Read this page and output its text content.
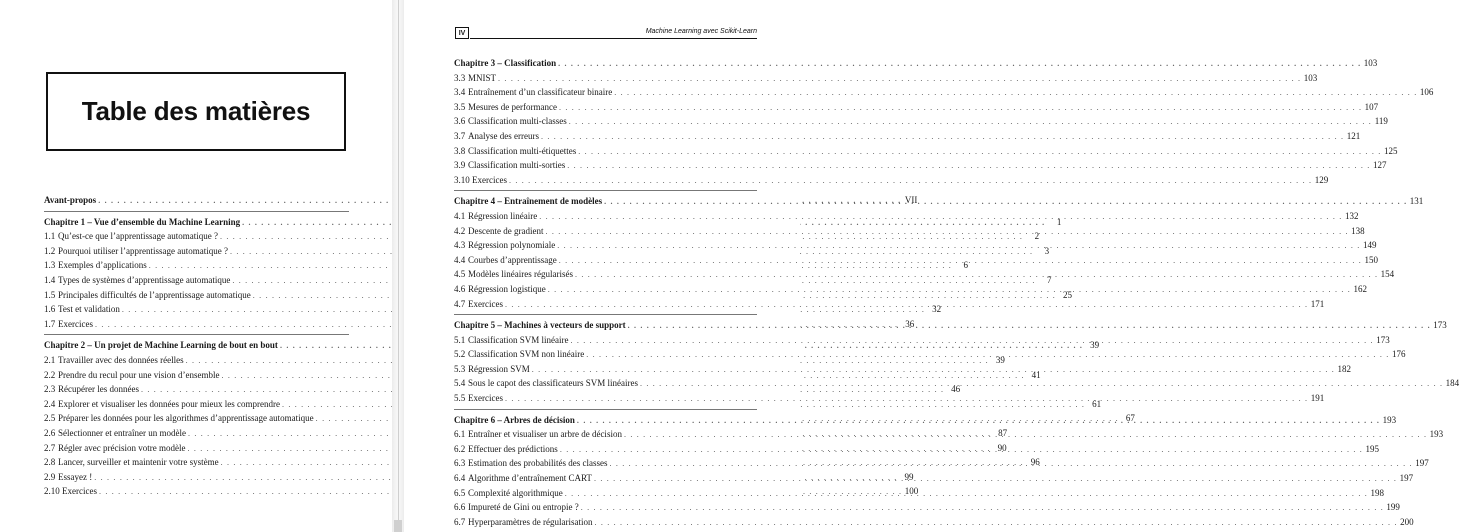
Table des matières
Avant-propos . . .	VII
Chapitre 1 – Vue d’ensemble du Machine Learning . . .	1
1.1 Qu’est-ce que l’apprentissage automatique ? . . .	2
1.2 Pourquoi utiliser l’apprentissage automatique ? . . .	3
1.3 Exemples d’applications . . .	6
1.4 Types de systèmes d’apprentissage automatique . . .	7
1.5 Principales difficultés de l’apprentissage automatique . . .	25
1.6 Test et validation . . .	32
1.7 Exercices . . .	36
Chapitre 2 – Un projet de Machine Learning de bout en bout . . .	39
2.1 Travailler avec des données réelles . . .	39
2.2 Prendre du recul pour une vision d’ensemble . . .	41
2.3 Récupérer les données . . .	46
2.4 Explorer et visualiser les données pour mieux les comprendre . . .	61
2.5 Préparer les données pour les algorithmes d’apprentissage automatique . . .	67
2.6 Sélectionner et entraîner un modèle . . .	87
2.7 Régler avec précision votre modèle . . .	90
2.8 Lancer, surveiller et maintenir votre système . . .	96
2.9 Essayez ! . . .	99
2.10 Exercices . . .	100
IV	Machine Learning avec Scikit-Learn
Chapitre 3 – Classification . . .	103
3.3 MNIST . . .	103
3.4 Entraînement d’un classificateur binaire . . .	106
3.5 Mesures de performance . . .	107
3.6 Classification multi-classes . . .	119
3.7 Analyse des erreurs . . .	121
3.8 Classification multi-étiquettes . . .	125
3.9 Classification multi-sorties . . .	127
3.10 Exercices . . .	129
Chapitre 4 – Entraînement de modèles . . .	131
4.1 Régression linéaire . . .	132
4.2 Descente de gradient . . .	138
4.3 Régression polynomiale . . .	149
4.4 Courbes d’apprentissage . . .	150
4.5 Modèles linéaires régularisés . . .	154
4.6 Régression logistique . . .	162
4.7 Exercices . . .	171
Chapitre 5 – Machines à vecteurs de support . . .	173
5.1 Classification SVM linéaire . . .	173
5.2 Classification SVM non linéaire . . .	176
5.3 Régression SVM . . .	182
5.4 Sous le capot des classificateurs SVM linéaires . . .	184
5.5 Exercices . . .	191
Chapitre 6 – Arbres de décision . . .	193
6.1 Entraîner et visualiser un arbre de décision . . .	193
6.2 Effectuer des prédictions . . .	195
6.3 Estimation des probabilités des classes . . .	197
6.4 Algorithme d’entraînement CART . . .	197
6.5 Complexité algorithmique . . .	198
6.6 Impureté de Gini ou entropie ? . . .	199
6.7 Hyperparamètres de régularisation . . .	200
